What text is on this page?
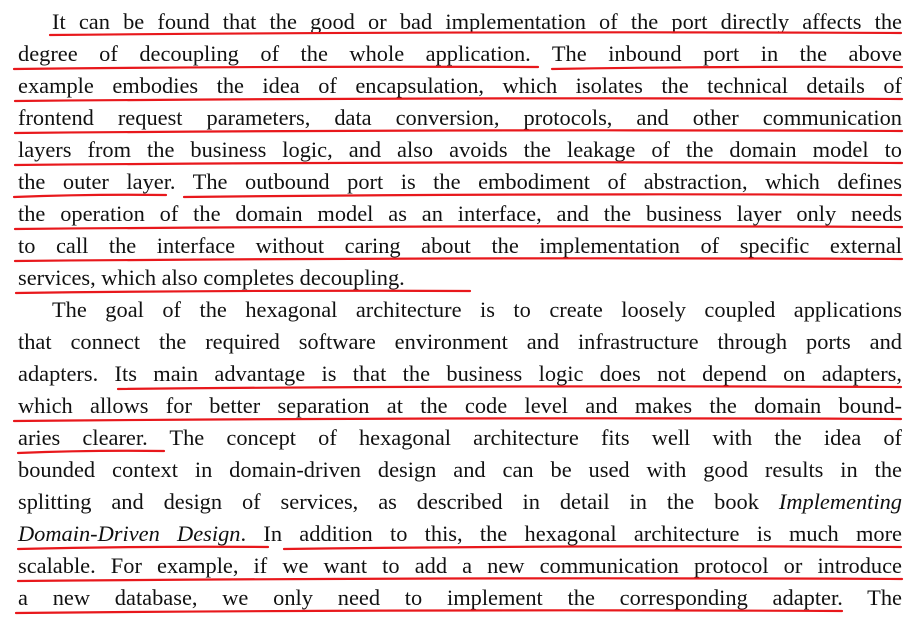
It can be found that the good or bad implementation of the port directly affects the
degree of decoupling of the whole application. The inbound port in the above
example embodies the idea of encapsulation, which isolates the technical details of
frontend request parameters, data conversion, protocols, and other communication
layers from the business logic, and also avoids the leakage of the domain model to
the outer layer. The outbound port is the embodiment of abstraction, which defines
the operation of the domain model as an interface, and the business layer only needs
to call the interface without caring about the implementation of specific external
services, which also completes decoupling.
The goal of the hexagonal architecture is to create loosely coupled applications
that connect the required software environment and infrastructure through ports and
adapters. Its main advantage is that the business logic does not depend on adapters,
which allows for better separation at the code level and makes the domain bound-
aries clearer. The concept of hexagonal architecture fits well with the idea of
bounded context in domain-driven design and can be used with good results in the
splitting and design of services, as described in detail in the book Implementing
Domain-Driven Design. In addition to this, the hexagonal architecture is much more
scalable. For example, if we want to add a new communication protocol or introduce
a new database, we only need to implement the corresponding adapter. The
